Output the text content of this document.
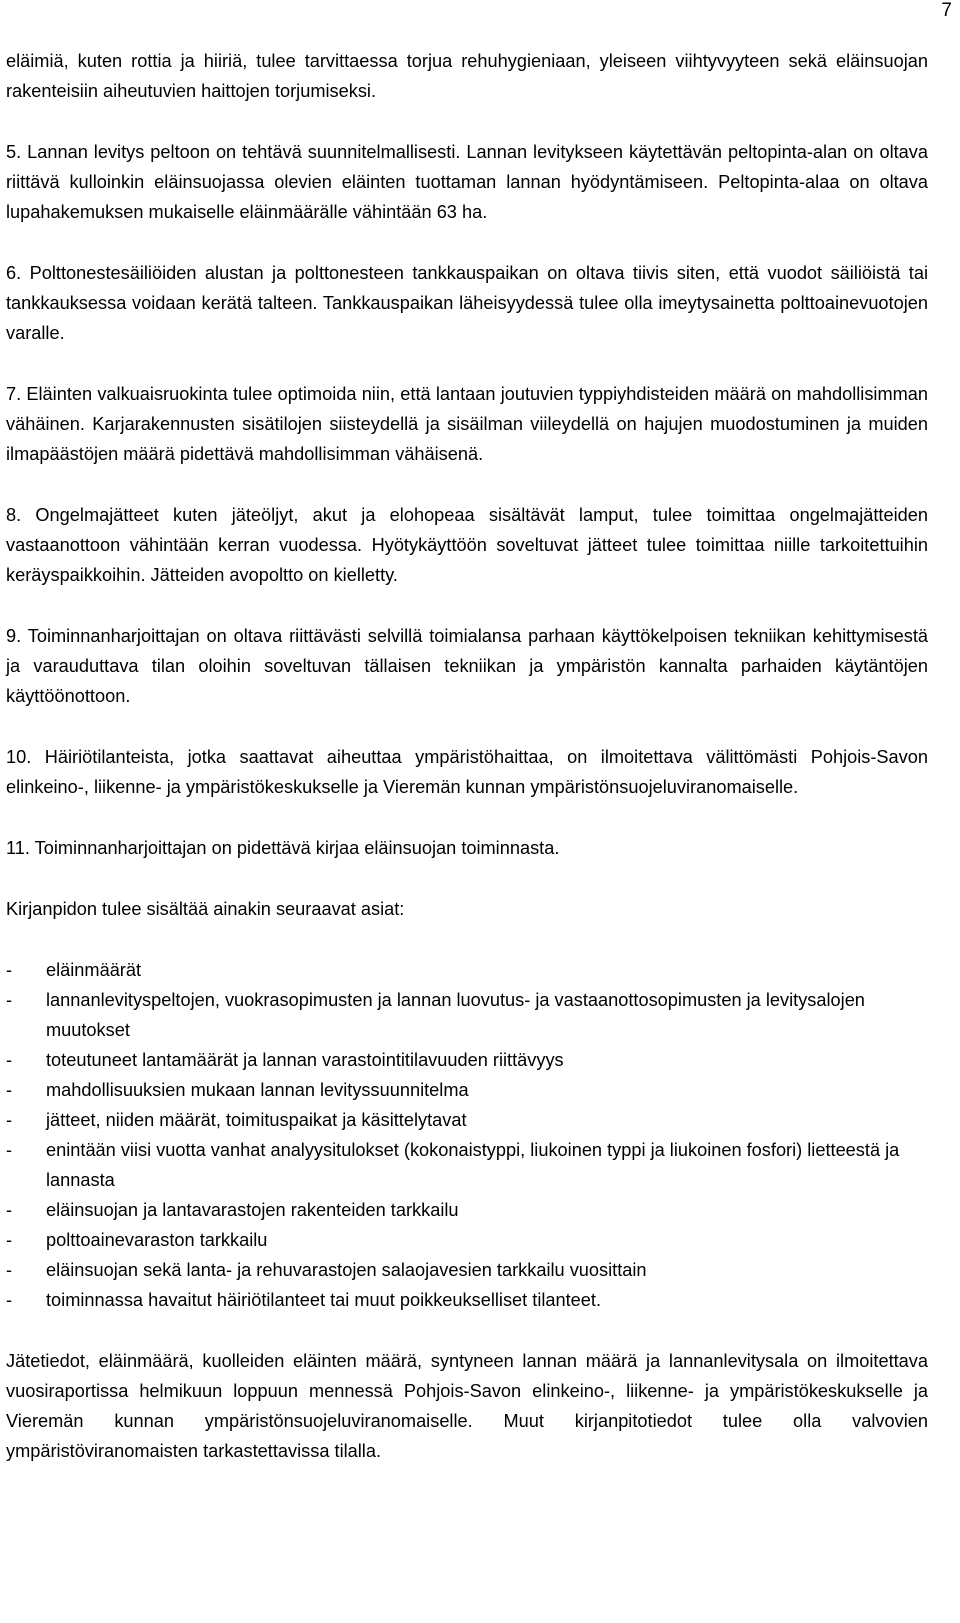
7

eläimiä, kuten rottia ja hiiriä, tulee tarvittaessa torjua rehuhygieniaan, yleiseen viihtyvyyteen sekä eläinsuojan rakenteisiin aiheutuvien haittojen torjumiseksi.

5. Lannan levitys peltoon on tehtävä suunnitelmallisesti. Lannan levitykseen käytettävän peltopinta-alan on oltava riittävä kulloinkin eläinsuojassa olevien eläinten tuottaman lannan hyödyntämiseen. Peltopinta-alaa on oltava lupahakemuksen mukaiselle eläinmäärälle vähintään 63 ha.

6. Polttonestesäiliöiden alustan ja polttonesteen tankkauspaikan on oltava tiivis siten, että vuodot säiliöistä tai tankkauksessa voidaan kerätä talteen. Tankkauspaikan läheisyydessä tulee olla imeytysainetta polttoainevuotojen varalle.

7. Eläinten valkuaisruokinta tulee optimoida niin, että lantaan joutuvien typpiyhdisteiden määrä on mahdollisimman vähäinen. Karjarakennusten sisätilojen siisteydellä ja sisäilman viileydellä on hajujen muodostuminen ja muiden ilmapäästöjen määrä pidettävä mahdollisimman vähäisenä.

8. Ongelmajätteet kuten jäteöljyt, akut ja elohopeaa sisältävät lamput, tulee toimittaa ongelmajätteiden vastaanottoon vähintään kerran vuodessa. Hyötykäyttöön soveltuvat jätteet tulee toimittaa niille tarkoitettuihin keräyspaikkoihin. Jätteiden avopoltto on kielletty.

9. Toiminnanharjoittajan on oltava riittävästi selvillä toimialansa parhaan käyttökelpoisen tekniikan kehittymisestä ja varauduttava tilan oloihin soveltuvan tällaisen tekniikan ja ympäristön kannalta parhaiden käytäntöjen käyttöönottoon.

10. Häiriötilanteista, jotka saattavat aiheuttaa ympäristöhaittaa, on ilmoitettava välittömästi Pohjois-Savon elinkeino-, liikenne- ja ympäristökeskukselle ja Vieremän kunnan ympäristönsuojeluviranomaiselle.

11. Toiminnanharjoittajan on pidettävä kirjaa eläinsuojan toiminnasta.

Kirjanpidon tulee sisältää ainakin seuraavat asiat:

- eläinmäärät
- lannanlevityspeltojen, vuokrasopimusten ja lannan luovutus- ja vastaanottosopimusten ja levitysalojen muutokset
- toteutuneet lantamäärät ja lannan varastointitilavuuden riittävyys
- mahdollisuuksien mukaan lannan levityssuunnitelma
- jätteet, niiden määrät, toimituspaikat ja käsittelytavat
- enintään viisi vuotta vanhat analyysitulokset (kokonaistyppi, liukoinen typpi ja liukoinen fosfori) lietteestä ja lannasta
- eläinsuojan ja lantavarastojen rakenteiden tarkkailu
- polttoainevaraston tarkkailu
- eläinsuojan sekä lanta- ja rehuvarastojen salaojavesien tarkkailu vuosittain
- toiminnassa havaitut häiriötilanteet tai muut poikkeukselliset tilanteet.

Jätetiedot, eläinmäärä, kuolleiden eläinten määrä, syntyneen lannan määrä ja lannanlevitysala on ilmoitettava vuosiraportissa helmikuun loppuun mennessä Pohjois-Savon elinkeino-, liikenne- ja ympäristökeskukselle ja Vieremän kunnan ympäristönsuojeluviranomaiselle. Muut kirjanpitotiedot tulee olla valvovien ympäristöviranomaisten tarkastettavissa tilalla.
